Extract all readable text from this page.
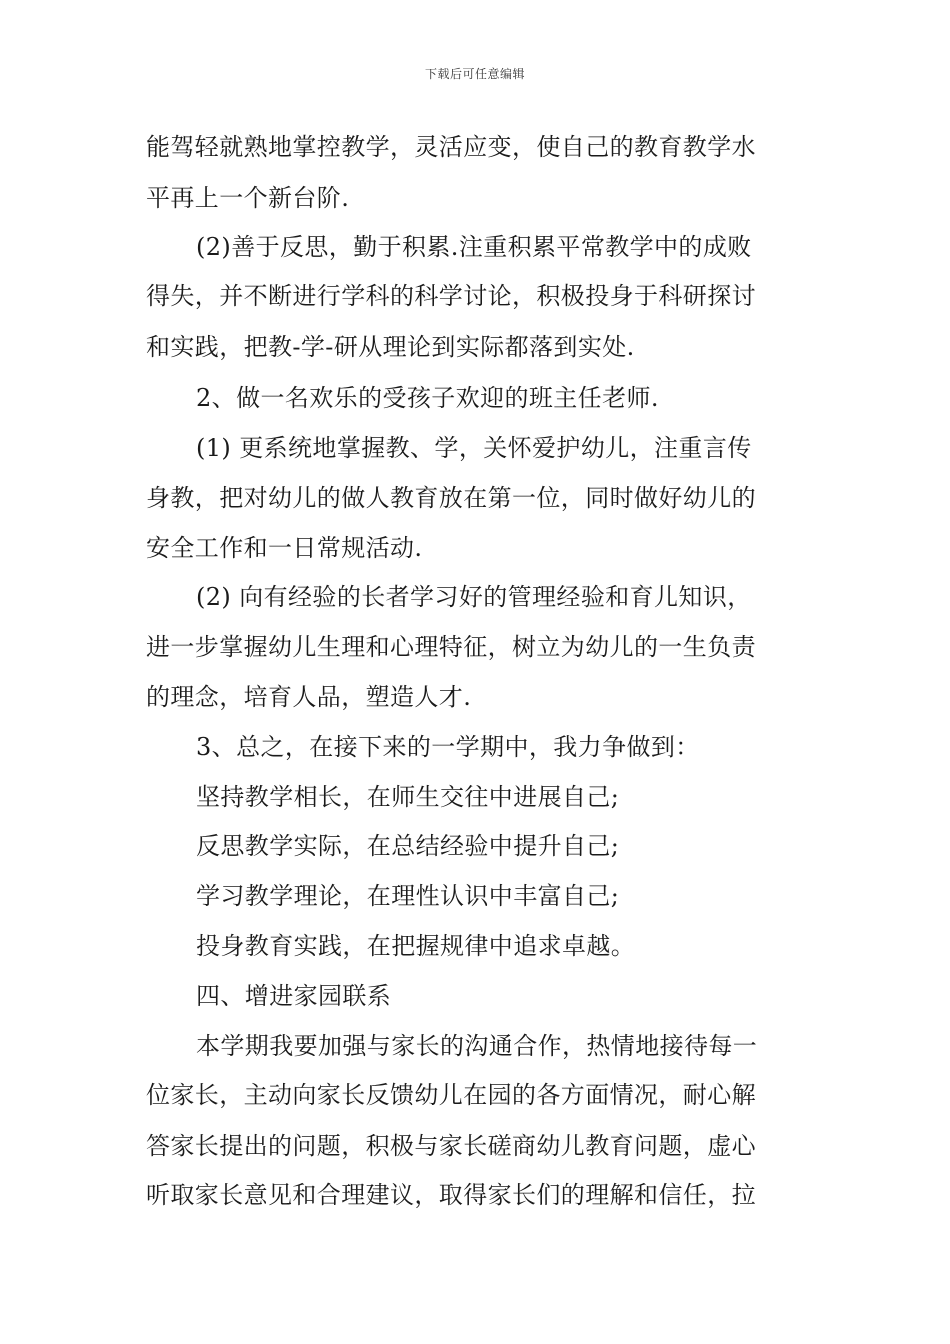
下载后可任意编辑

能驾轻就熟地掌控教学，灵活应变，使自己的教育教学水

平再上一个新台阶.

(2)善于反思，勤于积累.注重积累平常教学中的成败

得失，并不断进行学科的科学讨论，积极投身于科研探讨

和实践，把教-学-研从理论到实际都落到实处.

2、做一名欢乐的受孩子欢迎的班主任老师.

(1) 更系统地掌握教、学，关怀爱护幼儿，注重言传

身教，把对幼儿的做人教育放在第一位，同时做好幼儿的

安全工作和一日常规活动.

(2) 向有经验的长者学习好的管理经验和育儿知识，

进一步掌握幼儿生理和心理特征，树立为幼儿的一生负责

的理念，培育人品，塑造人才.

3、总之，在接下来的一学期中，我力争做到：

坚持教学相长，在师生交往中进展自己;

反思教学实际，在总结经验中提升自己;

学习教学理论，在理性认识中丰富自己;

投身教育实践，在把握规律中追求卓越。

四、增进家园联系

本学期我要加强与家长的沟通合作，热情地接待每一

位家长，主动向家长反馈幼儿在园的各方面情况，耐心解

答家长提出的问题，积极与家长磋商幼儿教育问题，虚心

听取家长意见和合理建议，取得家长们的理解和信任，拉
